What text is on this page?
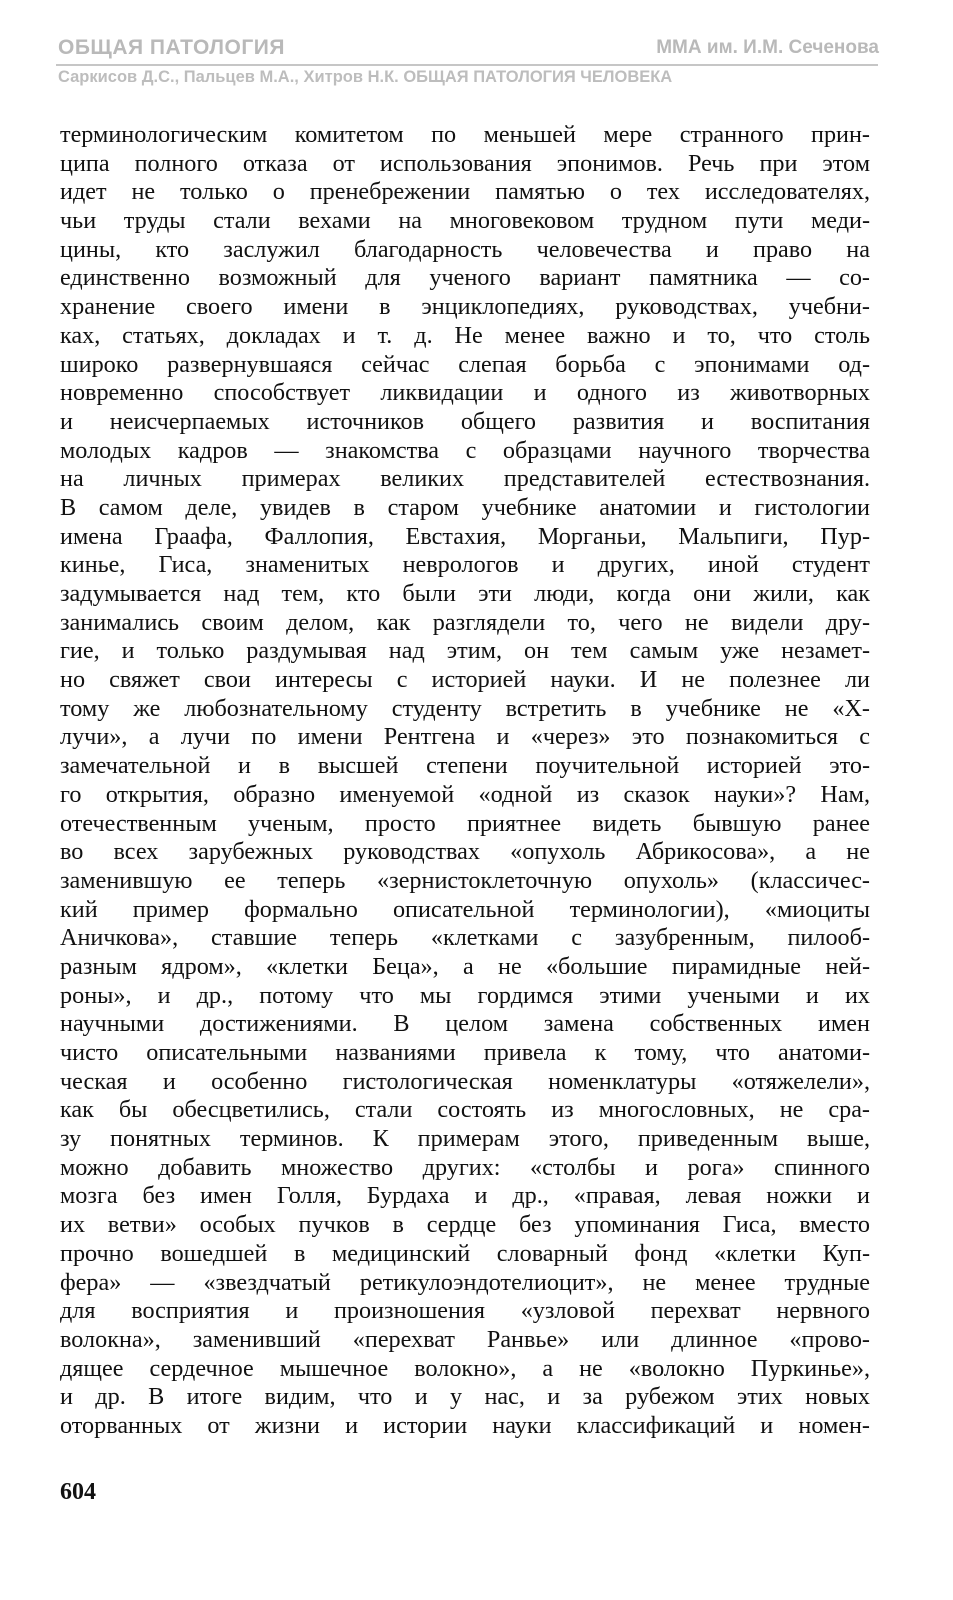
ОБЩАЯ ПАТОЛОГИЯ	ММА им. И.М. Сеченова
Саркисов Д.С., Пальцев М.А., Хитров Н.К. ОБЩАЯ ПАТОЛОГИЯ ЧЕЛОВЕКА
терминологическим комитетом по меньшей мере странного прин-
ципа полного отказа от использования эпонимов. Речь при этом
идет не только о пренебрежении памятью о тех исследователях,
чьи труды стали вехами на многовековом трудном пути меди-
цины, кто заслужил благодарность человечества и право на
единственно возможный для ученого вариант памятника — со-
хранение своего имени в энциклопедиях, руководствах, учебни-
ках, статьях, докладах и т. д. Не менее важно и то, что столь
широко развернувшаяся сейчас слепая борьба с эпонимами од-
новременно способствует ликвидации и одного из животворных
и неисчерпаемых источников общего развития и воспитания
молодых кадров — знакомства с образцами научного творчества
на личных примерах великих представителей естествознания.
В самом деле, увидев в старом учебнике анатомии и гистологии
имена Граафа, Фаллопия, Евстахия, Морганьи, Мальпиги, Пур-
кинье, Гиса, знаменитых неврологов и других, иной студент
задумывается над тем, кто были эти люди, когда они жили, как
занимались своим делом, как разглядели то, чего не видели дру-
гие, и только раздумывая над этим, он тем самым уже незамет-
но свяжет свои интересы с историей науки. И не полезнее ли
тому же любознательному студенту встретить в учебнике не «Х-
лучи», а лучи по имени Рентгена и «через» это познакомиться с
замечательной и в высшей степени поучительной историей это-
го открытия, образно именуемой «одной из сказок науки»? Нам,
отечественным ученым, просто приятнее видеть бывшую ранее
во всех зарубежных руководствах «опухоль Абрикосова», а не
заменившую ее теперь «зернистоклеточную опухоль» (классичес-
кий пример формально описательной терминологии), «миоциты
Аничкова», ставшие теперь «клетками с зазубренным, пилооб-
разным ядром», «клетки Беца», а не «большие пирамидные ней-
роны», и др., потому что мы гордимся этими учеными и их
научными достижениями. В целом замена собственных имен
чисто описательными названиями привела к тому, что анатоми-
ческая и особенно гистологическая номенклатуры «отяжелели»,
как бы обесцветились, стали состоять из многословных, не сра-
зу понятных терминов. К примерам этого, приведенным выше,
можно добавить множество других: «столбы и рога» спинного
мозга без имен Голля, Бурдаха и др., «правая, левая ножки и
их ветви» особых пучков в сердце без упоминания Гиса, вместо
прочно вошедшей в медицинский словарный фонд «клетки Куп-
фера» — «звездчатый ретикулоэндотелиоцит», не менее трудные
для восприятия и произношения «узловой перехват нервного
волокна», заменивший «перехват Ранвье» или длинное «прово-
дящее сердечное мышечное волокно», а не «волокно Пуркинье»,
и др. В итоге видим, что и у нас, и за рубежом этих новых
оторванных от жизни и истории науки классификаций и номен-
604
